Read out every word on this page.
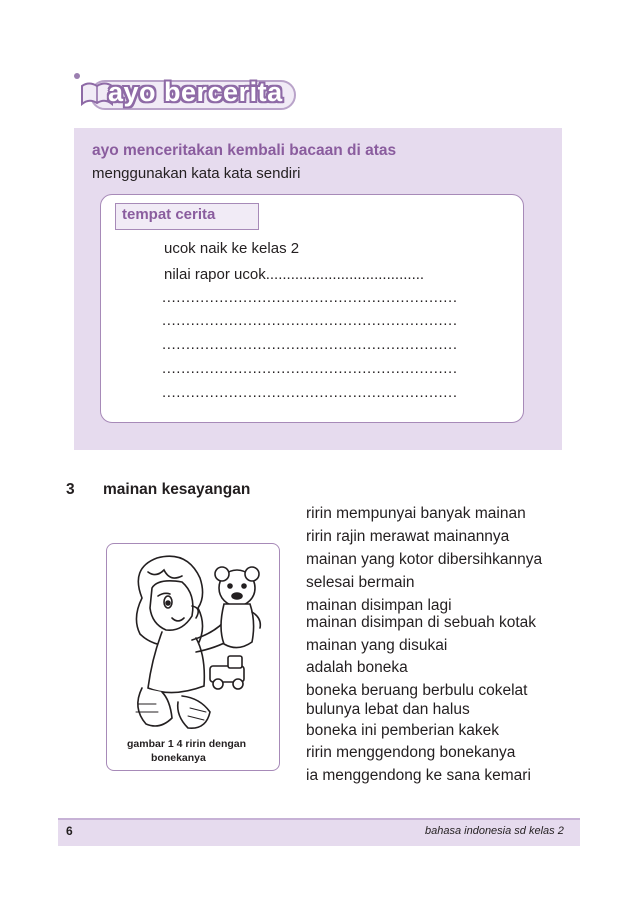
ayo bercerita
ayo menceritakan kembali bacaan di atas
menggunakan kata kata sendiri
tempat cerita
ucok naik ke kelas 2
nilai rapor ucok......................................
..............................................................
..............................................................
..............................................................
..............................................................
..............................................................
3 mainan kesayangan
ririn mempunyai banyak mainan
ririn rajin merawat mainannya
mainan yang kotor dibersihkannya
selesai bermain
mainan disimpan lagi
mainan disimpan di sebuah kotak
mainan yang disukai
adalah boneka
boneka beruang berbulu cokelat
bulunya lebat dan halus
boneka ini pemberian kakek
ririn menggendong bonekanya
ia menggendong ke sana kemari
gambar 1 4 ririn dengan
bonekanya
6	bahasa indonesia sd kelas 2
